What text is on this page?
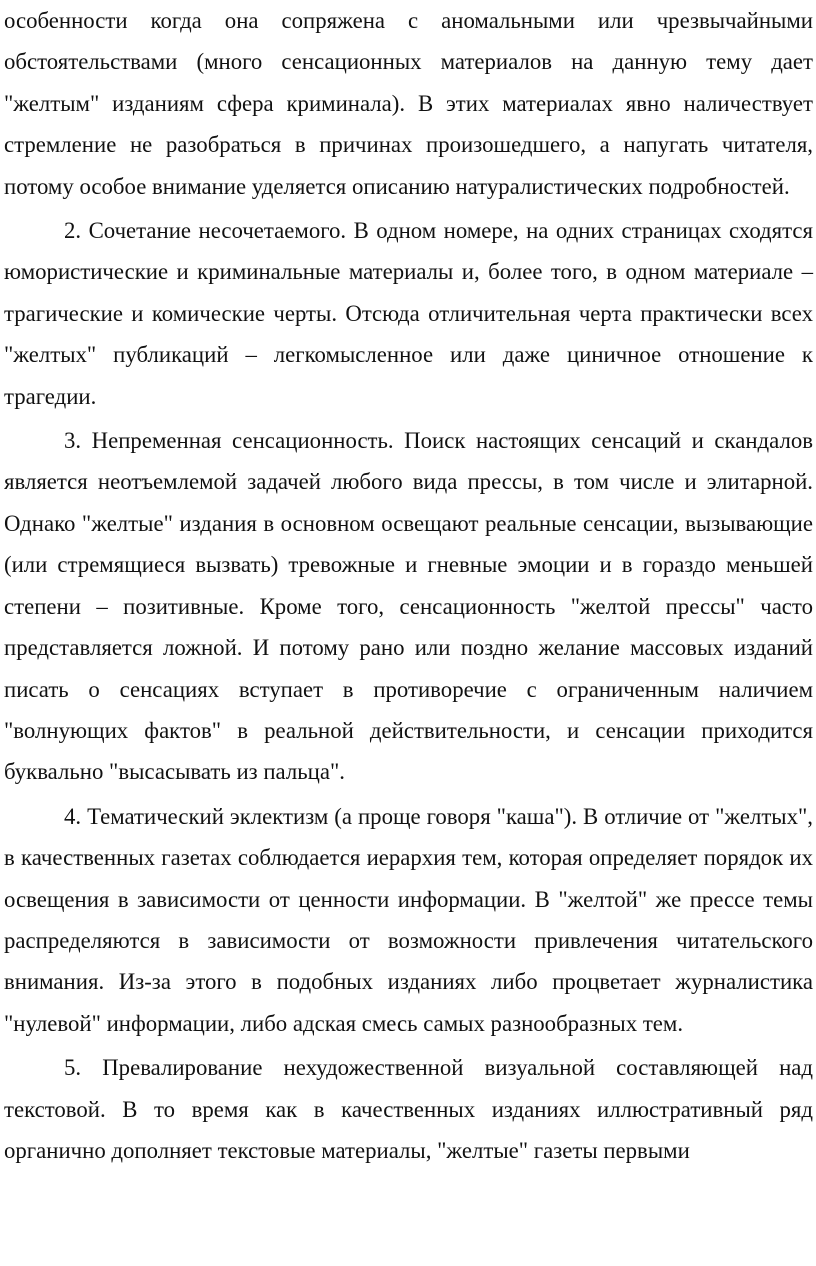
особенности когда она сопряжена с аномальными или чрезвычайными обстоятельствами (много сенсационных материалов на данную тему дает "желтым" изданиям сфера криминала). В этих материалах явно наличествует стремление не разобраться в причинах произошедшего, а напугать читателя, потому особое внимание уделяется описанию натуралистических подробностей.

2. Сочетание несочетаемого. В одном номере, на одних страницах сходятся юмористические и криминальные материалы и, более того, в одном материале – трагические и комические черты. Отсюда отличительная черта практически всех "желтых" публикаций – легкомысленное или даже циничное отношение к трагедии.

3. Непременная сенсационность. Поиск настоящих сенсаций и скандалов является неотъемлемой задачей любого вида прессы, в том числе и элитарной. Однако "желтые" издания в основном освещают реальные сенсации, вызывающие (или стремящиеся вызвать) тревожные и гневные эмоции и в гораздо меньшей степени – позитивные. Кроме того, сенсационность "желтой прессы" часто представляется ложной. И потому рано или поздно желание массовых изданий писать о сенсациях вступает в противоречие с ограниченным наличием "волнующих фактов" в реальной действительности, и сенсации приходится буквально "высасывать из пальца".

4. Тематический эклектизм (а проще говоря "каша"). В отличие от "желтых", в качественных газетах соблюдается иерархия тем, которая определяет порядок их освещения в зависимости от ценности информации. В "желтой" же прессе темы распределяются в зависимости от возможности привлечения читательского внимания. Из-за этого в подобных изданиях либо процветает журналистика "нулевой" информации, либо адская смесь самых разнообразных тем.

5. Превалирование нехудожественной визуальной составляющей над текстовой. В то время как в качественных изданиях иллюстративный ряд органично дополняет текстовые материалы, "желтые" газеты первыми
